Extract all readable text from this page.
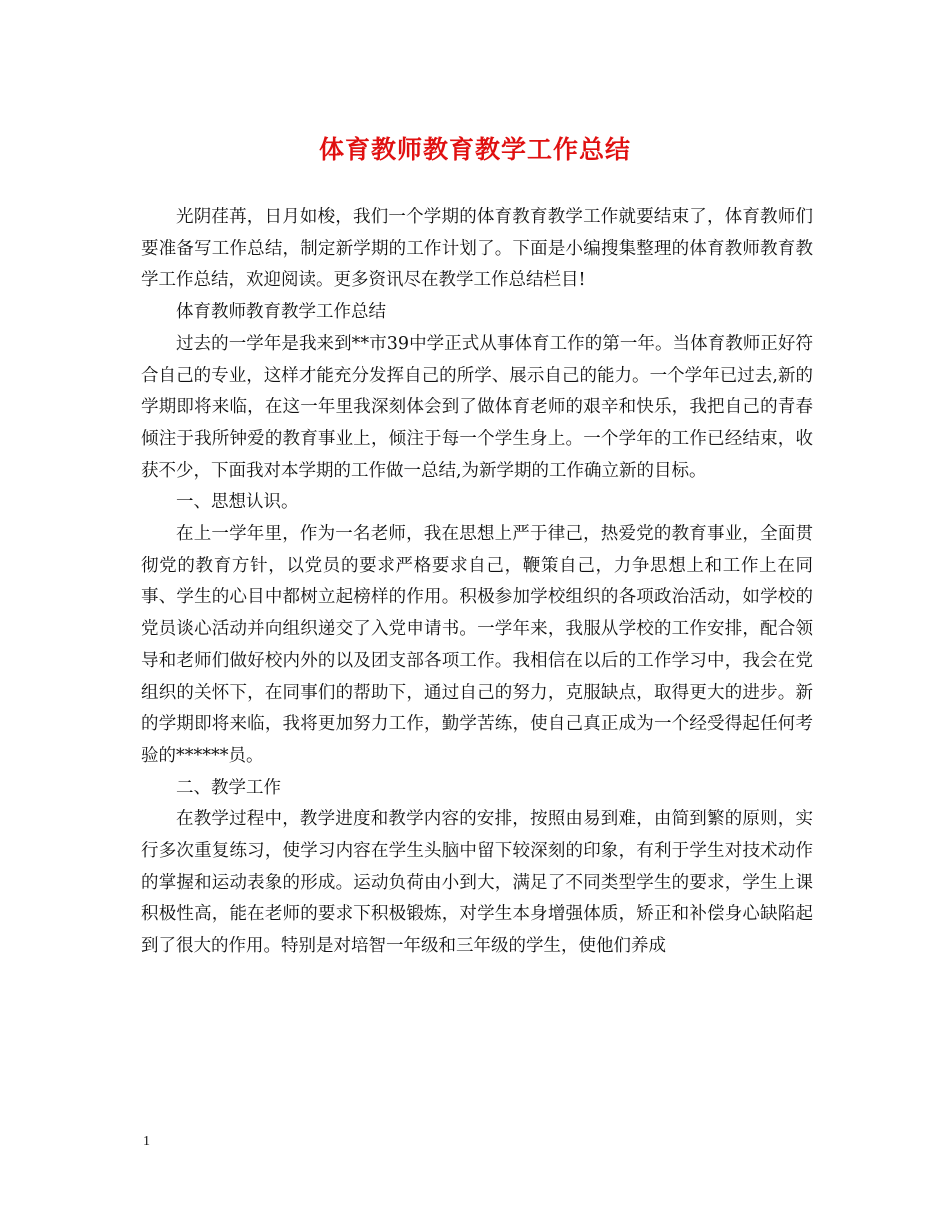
体育教师教育教学工作总结

光阴荏苒，日月如梭，我们一个学期的体育教育教学工作就要结束了，体育教师们要准备写工作总结，制定新学期的工作计划了。下面是小编搜集整理的体育教师教育教学工作总结，欢迎阅读。更多资讯尽在教学工作总结栏目!

体育教师教育教学工作总结

过去的一学年是我来到**市39中学正式从事体育工作的第一年。当体育教师正好符合自己的专业，这样才能充分发挥自己的所学、展示自己的能力。一个学年已过去,新的学期即将来临，在这一年里我深刻体会到了做体育老师的艰辛和快乐，我把自己的青春倾注于我所钟爱的教育事业上，倾注于每一个学生身上。一个学年的工作已经结束，收获不少，下面我对本学期的工作做一总结,为新学期的工作确立新的目标。

一、思想认识。

在上一学年里，作为一名老师，我在思想上严于律己，热爱党的教育事业，全面贯彻党的教育方针，以党员的要求严格要求自己，鞭策自己，力争思想上和工作上在同事、学生的心目中都树立起榜样的作用。积极参加学校组织的各项政治活动，如学校的党员谈心活动并向组织递交了入党申请书。一学年来，我服从学校的工作安排，配合领导和老师们做好校内外的以及团支部各项工作。我相信在以后的工作学习中，我会在党组织的关怀下，在同事们的帮助下，通过自己的努力，克服缺点，取得更大的进步。新的学期即将来临，我将更加努力工作，勤学苦练，使自己真正成为一个经受得起任何考验的******员。

二、教学工作

在教学过程中，教学进度和教学内容的安排，按照由易到难，由简到繁的原则，实行多次重复练习，使学习内容在学生头脑中留下较深刻的印象，有利于学生对技术动作的掌握和运动表象的形成。运动负荷由小到大，满足了不同类型学生的要求，学生上课积极性高，能在老师的要求下积极锻炼，对学生本身增强体质，矫正和补偿身心缺陷起到了很大的作用。特别是对培智一年级和三年级的学生，使他们养成

1
